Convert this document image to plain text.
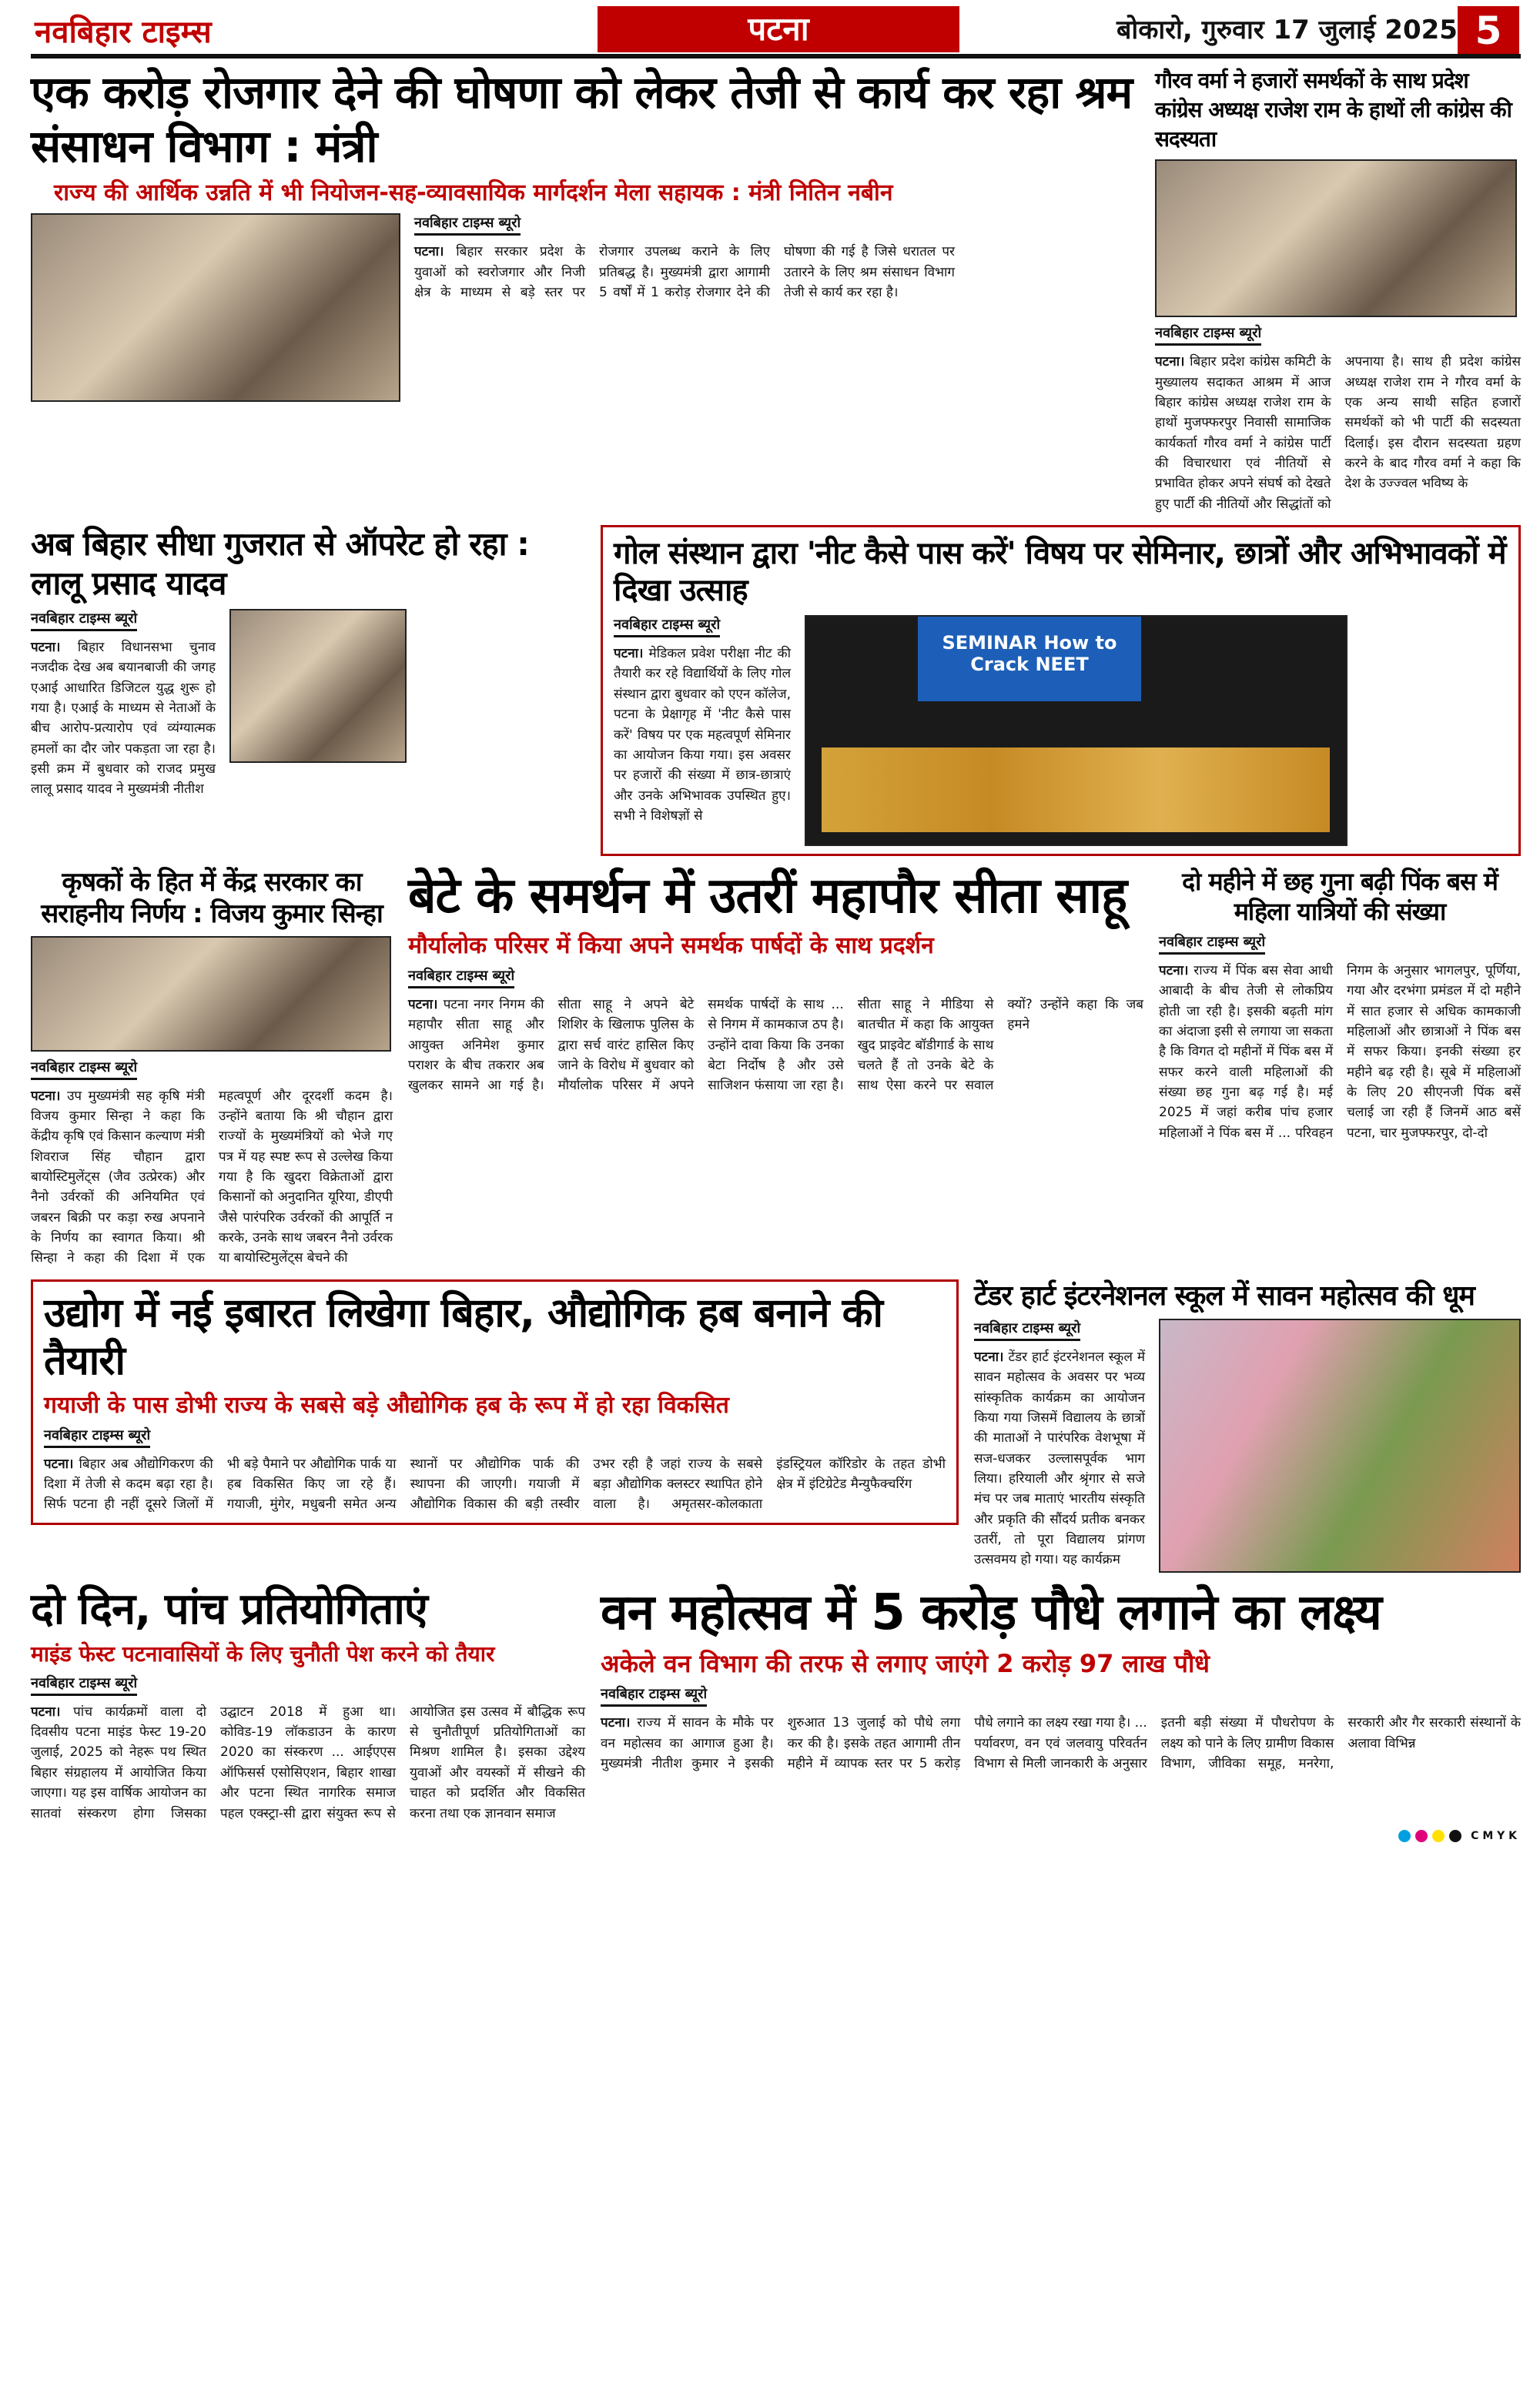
नवबिहार टाइम्स	पटना	बोकारो, गुरुवार 17 जुलाई 2025 5
एक करोड़ रोजगार देने की घोषणा को लेकर तेजी से कार्य कर रहा श्रम संसाधन विभाग : मंत्री
राज्य की आर्थिक उन्नति में भी नियोजन-सह-व्यावसायिक मार्गदर्शन मेला सहायक : मंत्री नितिन नबीन
नवबिहार टाइम्स ब्यूरो
पटना। बिहार सरकार प्रदेश के युवाओं को स्वरोजगार और निजी क्षेत्र के माध्यम से बड़े स्तर पर रोजगार उपलब्ध कराने के लिए प्रतिबद्ध है। मुख्यमंत्री द्वारा आगामी 5 वर्षों में 1 करोड़ रोजगार देने की घोषणा की गई है जिसे धरातल पर उतारने के लिए श्रम संसाधन विभाग तेजी से कार्य कर रहा है।
गौरव वर्मा ने हजारों समर्थकों के साथ प्रदेश कांग्रेस अध्यक्ष राजेश राम के हाथों ली कांग्रेस की सदस्यता
नवबिहार टाइम्स ब्यूरो
पटना। बिहार प्रदेश कांग्रेस कमिटी के मुख्यालय सदाकत आश्रम में आज बिहार कांग्रेस अध्यक्ष राजेश राम के हाथों मुजफ्फरपुर निवासी सामाजिक कार्यकर्ता गौरव वर्मा ने कांग्रेस पार्टी की विचारधारा एवं नीतियों से प्रभावित होकर अपने संघर्ष को देखते हुए पार्टी की नीतियों और सिद्धांतों को अपनाया है। साथ ही प्रदेश कांग्रेस अध्यक्ष राजेश राम ने गौरव वर्मा के एक अन्य साथी सहित हजारों समर्थकों को भी पार्टी की सदस्यता दिलाई। इस दौरान सदस्यता ग्रहण करने के बाद गौरव वर्मा ने कहा कि देश के उज्ज्वल भविष्य के
अब बिहार सीधा गुजरात से ऑपरेट हो रहा : लालू प्रसाद यादव
नवबिहार टाइम्स ब्यूरो
पटना। बिहार विधानसभा चुनाव नजदीक देख अब बयानबाजी की जगह एआई आधारित डिजिटल युद्ध शुरू हो गया है। एआई के माध्यम से नेताओं के बीच आरोप-प्रत्यारोप एवं व्यंग्यात्मक हमलों का दौर जोर पकड़ता जा रहा है। इसी क्रम में बुधवार को राजद प्रमुख लालू प्रसाद यादव ने मुख्यमंत्री नीतीश
गोल संस्थान द्वारा 'नीट कैसे पास करें' विषय पर सेमिनार, छात्रों और अभिभावकों में दिखा उत्साह
नवबिहार टाइम्स ब्यूरो
पटना। मेडिकल प्रवेश परीक्षा नीट की तैयारी कर रहे विद्यार्थियों के लिए गोल संस्थान द्वारा बुधवार को एएन कॉलेज, पटना के प्रेक्षागृह में 'नीट कैसे पास करें' विषय पर एक महत्वपूर्ण सेमिनार का आयोजन किया गया। इस अवसर पर हजारों की संख्या में छात्र-छात्राएं और उनके अभिभावक उपस्थित हुए। सभी ने विशेषज्ञों से
SEMINAR How to Crack NEET
कृषकों के हित में केंद्र सरकार का सराहनीय निर्णय : विजय कुमार सिन्हा
नवबिहार टाइम्स ब्यूरो
पटना। उप मुख्यमंत्री सह कृषि मंत्री विजय कुमार सिन्हा ने कहा कि केंद्रीय कृषि एवं किसान कल्याण मंत्री शिवराज सिंह चौहान द्वारा बायोस्टिमुलेंट्स (जैव उत्प्रेरक) और नैनो उर्वरकों की अनियमित एवं जबरन बिक्री पर कड़ा रुख अपनाने के निर्णय का स्वागत किया। श्री सिन्हा ने कहा की दिशा में एक महत्वपूर्ण और दूरदर्शी कदम है। उन्होंने बताया कि श्री चौहान द्वारा राज्यों के मुख्यमंत्रियों को भेजे गए पत्र में यह स्पष्ट रूप से उल्लेख किया गया है कि खुदरा विक्रेताओं द्वारा किसानों को अनुदानित यूरिया, डीएपी जैसे पारंपरिक उर्वरकों की आपूर्ति न करके, उनके साथ जबरन नैनो उर्वरक या बायोस्टिमुलेंट्स बेचने की
बेटे के समर्थन में उतरीं महापौर सीता साहू
मौर्यालोक परिसर में किया अपने समर्थक पार्षदों के साथ प्रदर्शन
नवबिहार टाइम्स ब्यूरो
पटना। पटना नगर निगम की महापौर सीता साहू और आयुक्त अनिमेश कुमार पराशर के बीच तकरार अब खुलकर सामने आ गई है। सीता साहू ने अपने बेटे शिशिर के खिलाफ पुलिस के द्वारा सर्च वारंट हासिल किए जाने के विरोध में बुधवार को मौर्यालोक परिसर में अपने समर्थक पार्षदों के साथ ... से निगम में कामकाज ठप है। उन्होंने दावा किया कि उनका बेटा निर्दोष है और उसे साजिशन फंसाया जा रहा है। सीता साहू ने मीडिया से बातचीत में कहा कि आयुक्त खुद प्राइवेट बॉडीगार्ड के साथ चलते हैं तो उनके बेटे के साथ ऐसा करने पर सवाल क्यों? उन्होंने कहा कि जब हमने
दो महीने में छह गुना बढ़ी पिंक बस में महिला यात्रियों की संख्या
नवबिहार टाइम्स ब्यूरो
पटना। राज्य में पिंक बस सेवा आधी आबादी के बीच तेजी से लोकप्रिय होती जा रही है। इसकी बढ़ती मांग का अंदाजा इसी से लगाया जा सकता है कि विगत दो महीनों में पिंक बस में सफर करने वाली महिलाओं की संख्या छह गुना बढ़ गई है। मई 2025 में जहां करीब पांच हजार महिलाओं ने पिंक बस में ... परिवहन निगम के अनुसार भागलपुर, पूर्णिया, गया और दरभंगा प्रमंडल में दो महीने में सात हजार से अधिक कामकाजी महिलाओं और छात्राओं ने पिंक बस में सफर किया। इनकी संख्या हर महीने बढ़ रही है। सूबे में महिलाओं के लिए 20 सीएनजी पिंक बसें चलाई जा रही हैं जिनमें आठ बसें पटना, चार मुजफ्फरपुर, दो-दो
उद्योग में नई इबारत लिखेगा बिहार, औद्योगिक हब बनाने की तैयारी
गयाजी के पास डोभी राज्य के सबसे बड़े औद्योगिक हब के रूप में हो रहा विकसित
नवबिहार टाइम्स ब्यूरो
पटना। बिहार अब औद्योगिकरण की दिशा में तेजी से कदम बढ़ा रहा है। सिर्फ पटना ही नहीं दूसरे जिलों में भी बड़े पैमाने पर औद्योगिक पार्क या हब विकसित किए जा रहे हैं। गयाजी, मुंगेर, मधुबनी समेत अन्य स्थानों पर औद्योगिक पार्क की स्थापना की जाएगी। गयाजी में औद्योगिक विकास की बड़ी तस्वीर उभर रही है जहां राज्य के सबसे बड़ा औद्योगिक क्लस्टर स्थापित होने वाला है। अमृतसर-कोलकाता इंडस्ट्रियल कॉरिडोर के तहत डोभी क्षेत्र में इंटिग्रेटेड मैन्युफैक्चरिंग
टेंडर हार्ट इंटरनेशनल स्कूल में सावन महोत्सव की धूम
नवबिहार टाइम्स ब्यूरो
पटना। टेंडर हार्ट इंटरनेशनल स्कूल में सावन महोत्सव के अवसर पर भव्य सांस्कृतिक कार्यक्रम का आयोजन किया गया जिसमें विद्यालय के छात्रों की माताओं ने पारंपरिक वेशभूषा में सज-धजकर उल्लासपूर्वक भाग लिया। हरियाली और श्रृंगार से सजे मंच पर जब माताएं भारतीय संस्कृति और प्रकृति की सौंदर्य प्रतीक बनकर उतरीं, तो पूरा विद्यालय प्रांगण उत्सवमय हो गया। यह कार्यक्रम
दो दिन, पांच प्रतियोगिताएं
माइंड फेस्ट पटनावासियों के लिए चुनौती पेश करने को तैयार
नवबिहार टाइम्स ब्यूरो
पटना। पांच कार्यक्रमों वाला दो दिवसीय पटना माइंड फेस्ट 19-20 जुलाई, 2025 को नेहरू पथ स्थित बिहार संग्रहालय में आयोजित किया जाएगा। यह इस वार्षिक आयोजन का सातवां संस्करण होगा जिसका उद्घाटन 2018 में हुआ था। कोविड-19 लॉकडाउन के कारण 2020 का संस्करण ... आईएएस ऑफिसर्स एसोसिएशन, बिहार शाखा और पटना स्थित नागरिक समाज पहल एक्स्ट्रा-सी द्वारा संयुक्त रूप से आयोजित इस उत्सव में बौद्धिक रूप से चुनौतीपूर्ण प्रतियोगिताओं का मिश्रण शामिल है। इसका उद्देश्य युवाओं और वयस्कों में सीखने की चाहत को प्रदर्शित और विकसित करना तथा एक ज्ञानवान समाज
वन महोत्सव में 5 करोड़ पौधे लगाने का लक्ष्य
अकेले वन विभाग की तरफ से लगाए जाएंगे 2 करोड़ 97 लाख पौधे
नवबिहार टाइम्स ब्यूरो
पटना। राज्य में सावन के मौके पर वन महोत्सव का आगाज हुआ है। मुख्यमंत्री नीतीश कुमार ने इसकी शुरुआत 13 जुलाई को पौधे लगा कर की है। इसके तहत आगामी तीन महीने में व्यापक स्तर पर 5 करोड़ पौधे लगाने का लक्ष्य रखा गया है। ... पर्यावरण, वन एवं जलवायु परिवर्तन विभाग से मिली जानकारी के अनुसार इतनी बड़ी संख्या में पौधरोपण के लक्ष्य को पाने के लिए ग्रामीण विकास विभाग, जीविका समूह, मनरेगा, सरकारी और गैर सरकारी संस्थानों के अलावा विभिन्न
C M Y K
